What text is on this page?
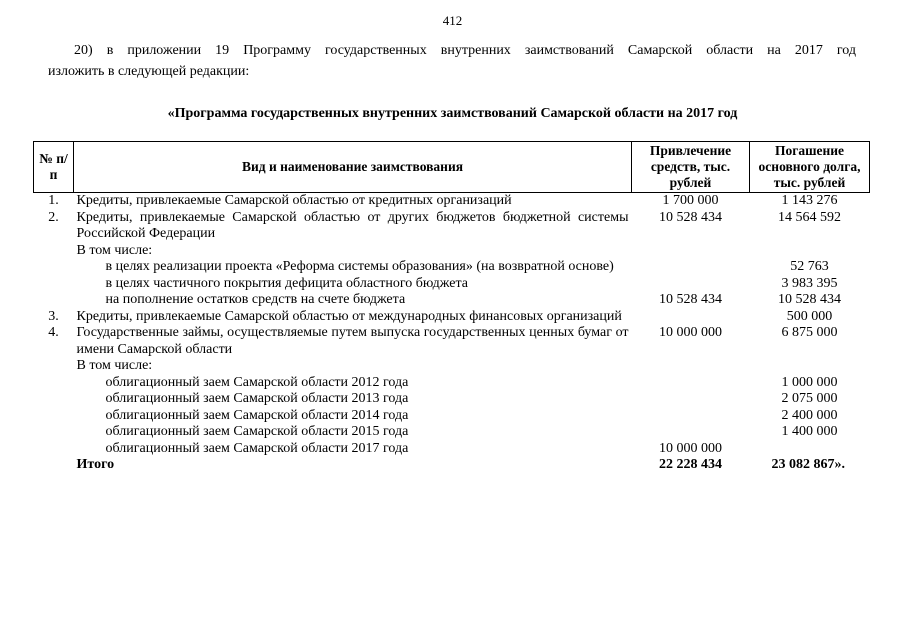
412
20) в приложении 19 Программу государственных внутренних заимствований Самарской области на 2017 год
изложить в следующей редакции:
«Программа государственных внутренних заимствований Самарской области на 2017 год
№ п/п	Вид и наименование заимствования	Привлечение средств, тыс. рублей	Погашение основного долга, тыс. рублей
1.	Кредиты, привлекаемые Самарской областью от кредитных организаций	1 700 000	1 143 276
2.	Кредиты, привлекаемые Самарской областью от других бюджетов бюджетной системы Российской Федерации	10 528 434	14 564 592
	В том числе:		
	в целях реализации проекта «Реформа системы образования» (на возвратной основе)		52 763
	в целях частичного покрытия дефицита областного бюджета		3 983 395
	на пополнение остатков средств на счете бюджета	10 528 434	10 528 434
3.	Кредиты, привлекаемые Самарской областью от международных финансовых организаций		500 000
4.	Государственные займы, осуществляемые путем выпуска государственных ценных бумаг от имени Самарской области	10 000 000	6 875 000
	В том числе:		
	облигационный заем Самарской области 2012 года		1 000 000
	облигационный заем Самарской области 2013 года		2 075 000
	облигационный заем Самарской области 2014 года		2 400 000
	облигационный заем Самарской области 2015 года		1 400 000
	облигационный заем Самарской области 2017 года	10 000 000	
	Итого	22 228 434	23 082 867».
